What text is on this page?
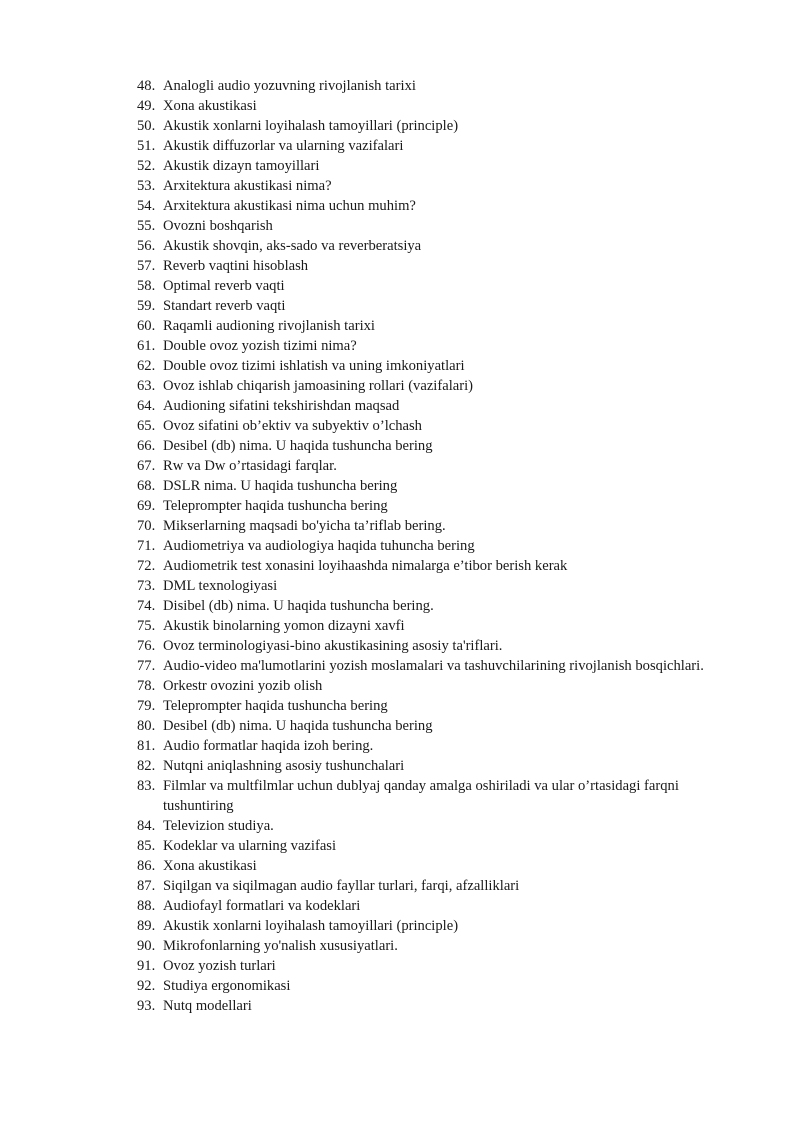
48. Analogli audio yozuvning rivojlanish tarixi
49. Xona akustikasi
50. Akustik xonlarni loyihalash tamoyillari (principle)
51. Akustik diffuzorlar va ularning vazifalari
52. Akustik dizayn tamoyillari
53. Arxitektura akustikasi nima?
54. Arxitektura akustikasi nima uchun muhim?
55. Ovozni boshqarish
56. Akustik shovqin, aks-sado va reverberatsiya
57. Reverb vaqtini hisoblash
58. Optimal reverb vaqti
59. Standart reverb vaqti
60. Raqamli audioning rivojlanish tarixi
61. Double ovoz yozish tizimi nima?
62. Double ovoz tizimi ishlatish va uning imkoniyatlari
63. Ovoz ishlab chiqarish jamoasining rollari (vazifalari)
64. Audioning sifatini tekshirishdan maqsad
65. Ovoz sifatini ob’ektiv va subyektiv o’lchash
66. Desibel (db) nima. U haqida tushuncha bering
67. Rw va Dw o’rtasidagi farqlar.
68. DSLR nima. U haqida tushuncha bering
69. Teleprompter haqida tushuncha bering
70. Mikserlarning maqsadi bo'yicha ta’riflab bering.
71. Audiometriya va audiologiya haqida tuhuncha bering
72. Audiometrik test xonasini loyihaashda nimalarga e’tibor berish kerak
73. DML texnologiyasi
74. Disibel (db) nima. U haqida tushuncha bering.
75. Akustik binolarning yomon dizayni xavfi
76. Ovoz terminologiyasi-bino akustikasining asosiy ta'riflari.
77. Audio-video ma'lumotlarini yozish moslamalari va tashuvchilarining rivojlanish bosqichlari.
78. Orkestr ovozini yozib olish
79. Teleprompter haqida tushuncha bering
80. Desibel (db) nima. U haqida tushuncha bering
81. Audio formatlar haqida izoh bering.
82. Nutqni aniqlashning asosiy tushunchalari
83. Filmlar va multfilmlar uchun dublyaj qanday amalga oshiriladi va ular o’rtasidagi farqni tushuntiring
84. Televizion studiya.
85. Kodeklar va ularning vazifasi
86. Xona akustikasi
87. Siqilgan va siqilmagan audio fayllar turlari, farqi, afzalliklari
88. Audiofayl formatlari va kodeklari
89. Akustik xonlarni loyihalash tamoyillari (principle)
90. Mikrofonlarning yo'nalish xususiyatlari.
91. Ovoz yozish turlari
92. Studiya ergonomikasi
93. Nutq modellari
